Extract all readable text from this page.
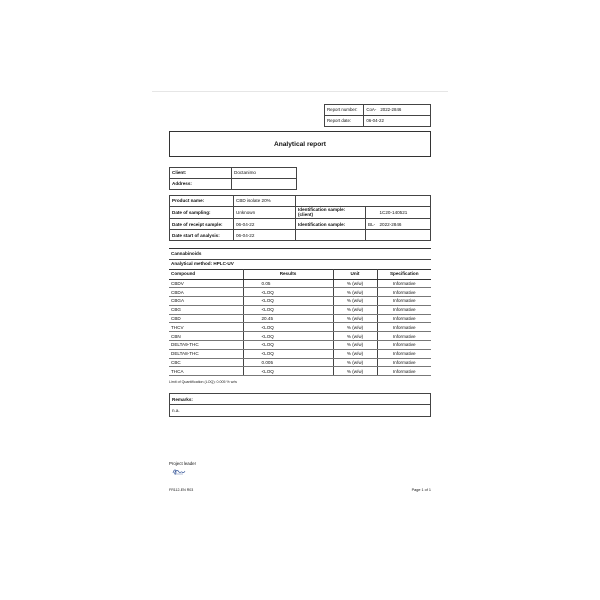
Report number:	CoA-	2022-2846
Report date:	06-04-22	
Analytical report
Client:	Doctanimo
Address:	
Product name:	CBD isolate 20%			
Date of sampling:	Unknown	Identification sample:
(client)		1C20-140521
Date of receipt sample:	06-04-22	Identification sample:	BL-	2022-2846
Date start of analysis:	06-04-22			
Cannabinoids			
Analytical method: HPLC-UV			
Compound	Results	Unit	Specification
CBDV	0.05	% (w/w)	Informative
CBDA	<LOQ	% (w/w)	Informative
CBGA	<LOQ	% (w/w)	Informative
CBG	<LOQ	% (w/w)	Informative
CBD	20.45	% (w/w)	Informative
THCV	<LOQ	% (w/w)	Informative
CBN	<LOQ	% (w/w)	Informative
DELTA9-THC	<LOQ	% (w/w)	Informative
DELTA8-THC	<LOQ	% (w/w)	Informative
CBC	0.005	% (w/w)	Informative
THCA	<LOQ	% (w/w)	Informative
Limit of Quantification (LOQ): 0.005 % w/w
Remarks:
n.a.
Project leader
FR112-EN R03	Page 1 of 1
